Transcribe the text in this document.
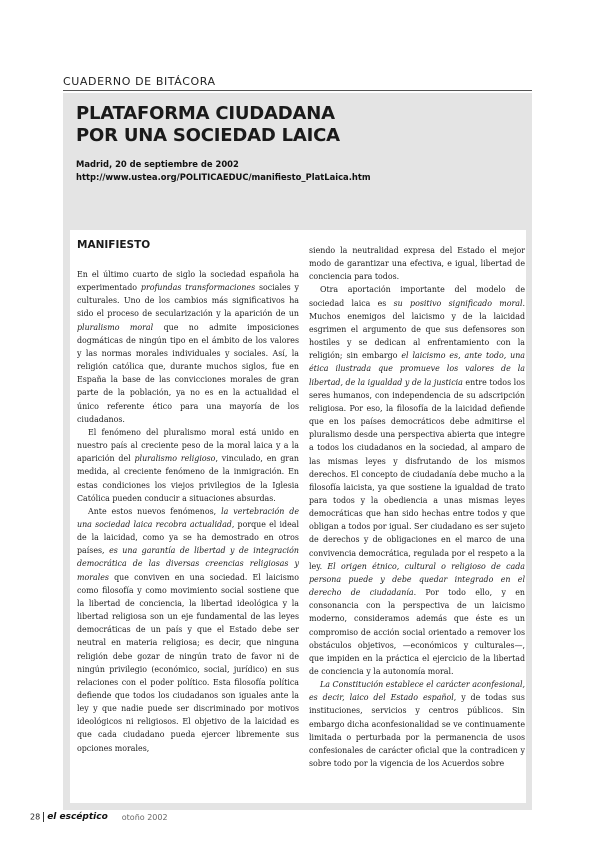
CUADERNO DE BITÁCORA
PLATAFORMA CIUDADANA
POR UNA SOCIEDAD LAICA
Madrid, 20 de septiembre de 2002
http://www.ustea.org/POLITICAEDUC/manifiesto_PlatLaica.htm
MANIFIESTO

En el último cuarto de siglo la sociedad española ha experimentado profundas transformaciones sociales y culturales. Uno de los cambios más significativos ha sido el proceso de secularización y la aparición de un pluralismo moral que no admite imposiciones dogmáticas de ningún tipo en el ámbito de los valores y las normas morales individuales y sociales. Así, la religión católica que, durante muchos siglos, fue en España la base de las convicciones morales de gran parte de la población, ya no es en la actualidad el único referente ético para una mayoría de los ciudadanos.

El fenómeno del pluralismo moral está unido en nuestro país al creciente peso de la moral laica y a la aparición del pluralismo religioso, vinculado, en gran medida, al creciente fenómeno de la inmigración. En estas condiciones los viejos privilegios de la Iglesia Católica pueden conducir a situaciones absurdas.

Ante estos nuevos fenómenos, la vertebración de una sociedad laica recobra actualidad, porque el ideal de la laicidad, como ya se ha demostrado en otros países, es una garantía de libertad y de integración democrática de las diversas creencias religiosas y morales que conviven en una sociedad. El laicismo como filosofía y como movimiento social sostiene que la libertad de conciencia, la libertad ideológica y la libertad religiosa son un eje fundamental de las leyes democráticas de un país y que el Estado debe ser neutral en materia religiosa; es decir, que ninguna religión debe gozar de ningún trato de favor ni de ningún privilegio (económico, social, jurídico) en sus relaciones con el poder político. Esta filosofía política defiende que todos los ciudadanos son iguales ante la ley y que nadie puede ser discriminado por motivos ideológicos ni religiosos. El objetivo de la laicidad es que cada ciudadano pueda ejercer libremente sus opciones morales,

siendo la neutralidad expresa del Estado el mejor modo de garantizar una efectiva, e igual, libertad de conciencia para todos.

Otra aportación importante del modelo de sociedad laica es su positivo significado moral. Muchos enemigos del laicismo y de la laicidad esgrimen el argumento de que sus defensores son hostiles y se dedican al enfrentamiento con la religión; sin embargo el laicismo es, ante todo, una ética ilustrada que promueve los valores de la libertad, de la igualdad y de la justicia entre todos los seres humanos, con independencia de su adscripción religiosa. Por eso, la filosofía de la laicidad defiende que en los países democráticos debe admitirse el pluralismo desde una perspectiva abierta que integre a todos los ciudadanos en la sociedad, al amparo de las mismas leyes y disfrutando de los mismos derechos. El concepto de ciudadanía debe mucho a la filosofía laicista, ya que sostiene la igualdad de trato para todos y la obediencia a unas mismas leyes democráticas que han sido hechas entre todos y que obligan a todos por igual. Ser ciudadano es ser sujeto de derechos y de obligaciones en el marco de una convivencia democrática, regulada por el respeto a la ley. El origen étnico, cultural o religioso de cada persona puede y debe quedar integrado en el derecho de ciudadanía. Por todo ello, y en consonancia con la perspectiva de un laicismo moderno, consideramos además que éste es un compromiso de acción social orientado a remover los obstáculos objetivos, —económicos y culturales—, que impiden en la práctica el ejercicio de la libertad de conciencia y la autonomía moral.

La Constitución establece el carácter aconfesional, es decir, laico del Estado español, y de todas sus instituciones, servicios y centros públicos. Sin embargo dicha aconfesionalidad se ve continuamente limitada o perturbada por la permanencia de usos confesionales de carácter oficial que la contradicen y sobre todo por la vigencia de los Acuerdos sobre

28 el escéptico otoño 2002
